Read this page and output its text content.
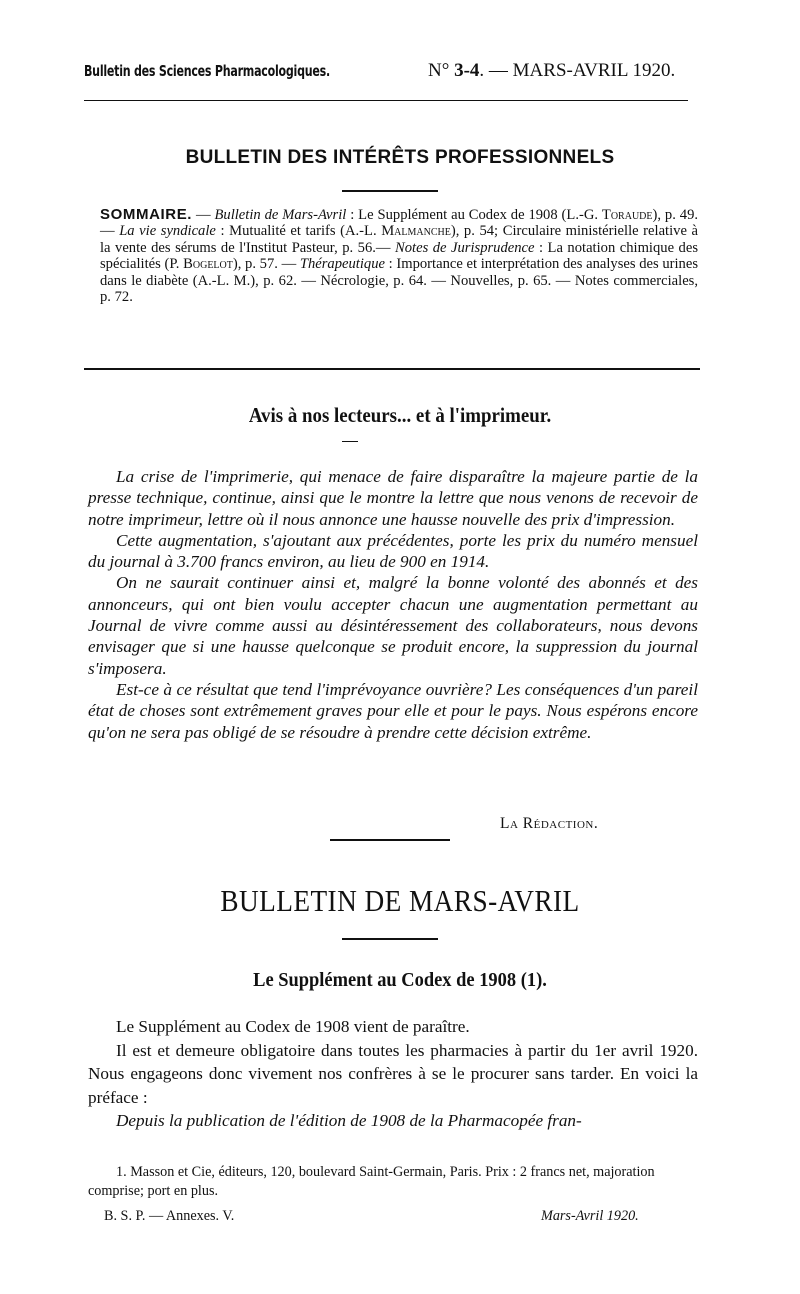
Bulletin des Sciences Pharmacologiques.	N° 3-4. — MARS-AVRIL 1920.
BULLETIN DES INTÉRÊTS PROFESSIONNELS
SOMMAIRE. — Bulletin de Mars-Avril : Le Supplément au Codex de 1908 (L.-G. Toraude), p. 49. — La vie syndicale : Mutualité et tarifs (A.-L. Malmanche), p. 54; Circulaire ministérielle relative à la vente des sérums de l'Institut Pasteur, p. 56.— Notes de Jurisprudence : La notation chimique des spécialités (P. Bogelot), p. 57. — Thérapeutique : Importance et interprétation des analyses des urines dans le diabète (A.-L. M.), p. 62. — Nécrologie, p. 64. — Nouvelles, p. 65. — Notes commerciales, p. 72.
Avis à nos lecteurs... et à l'imprimeur.

La crise de l'imprimerie, qui menace de faire disparaître la majeure partie de la presse technique, continue, ainsi que le montre la lettre que nous venons de recevoir de notre imprimeur, lettre où il nous annonce une hausse nouvelle des prix d'impression.

Cette augmentation, s'ajoutant aux précédentes, porte les prix du numéro mensuel du journal à 3.700 francs environ, au lieu de 900 en 1914.

On ne saurait continuer ainsi et, malgré la bonne volonté des abonnés et des annonceurs, qui ont bien voulu accepter chacun une augmentation permettant au Journal de vivre comme aussi au désintéressement des collaborateurs, nous devons envisager que si une hausse quelconque se produit encore, la suppression du journal s'imposera.

Est-ce à ce résultat que tend l'imprévoyance ouvrière? Les conséquences d'un pareil état de choses sont extrêmement graves pour elle et pour le pays. Nous espérons encore qu'on ne sera pas obligé de se résoudre à prendre cette décision extrême.

La Rédaction.
BULLETIN DE MARS-AVRIL
Le Supplément au Codex de 1908 (1).

Le Supplément au Codex de 1908 vient de paraître.

Il est et demeure obligatoire dans toutes les pharmacies à partir du 1er avril 1920. Nous engageons donc vivement nos confrères à se le procurer sans tarder. En voici la préface :

Depuis la publication de l'édition de 1908 de la Pharmacopée fran-

1. Masson et Cie, éditeurs, 120, boulevard Saint-Germain, Paris. Prix : 2 francs net, majoration comprise; port en plus.

B. S. P. — Annexes. V.	Mars-Avril 1920.
